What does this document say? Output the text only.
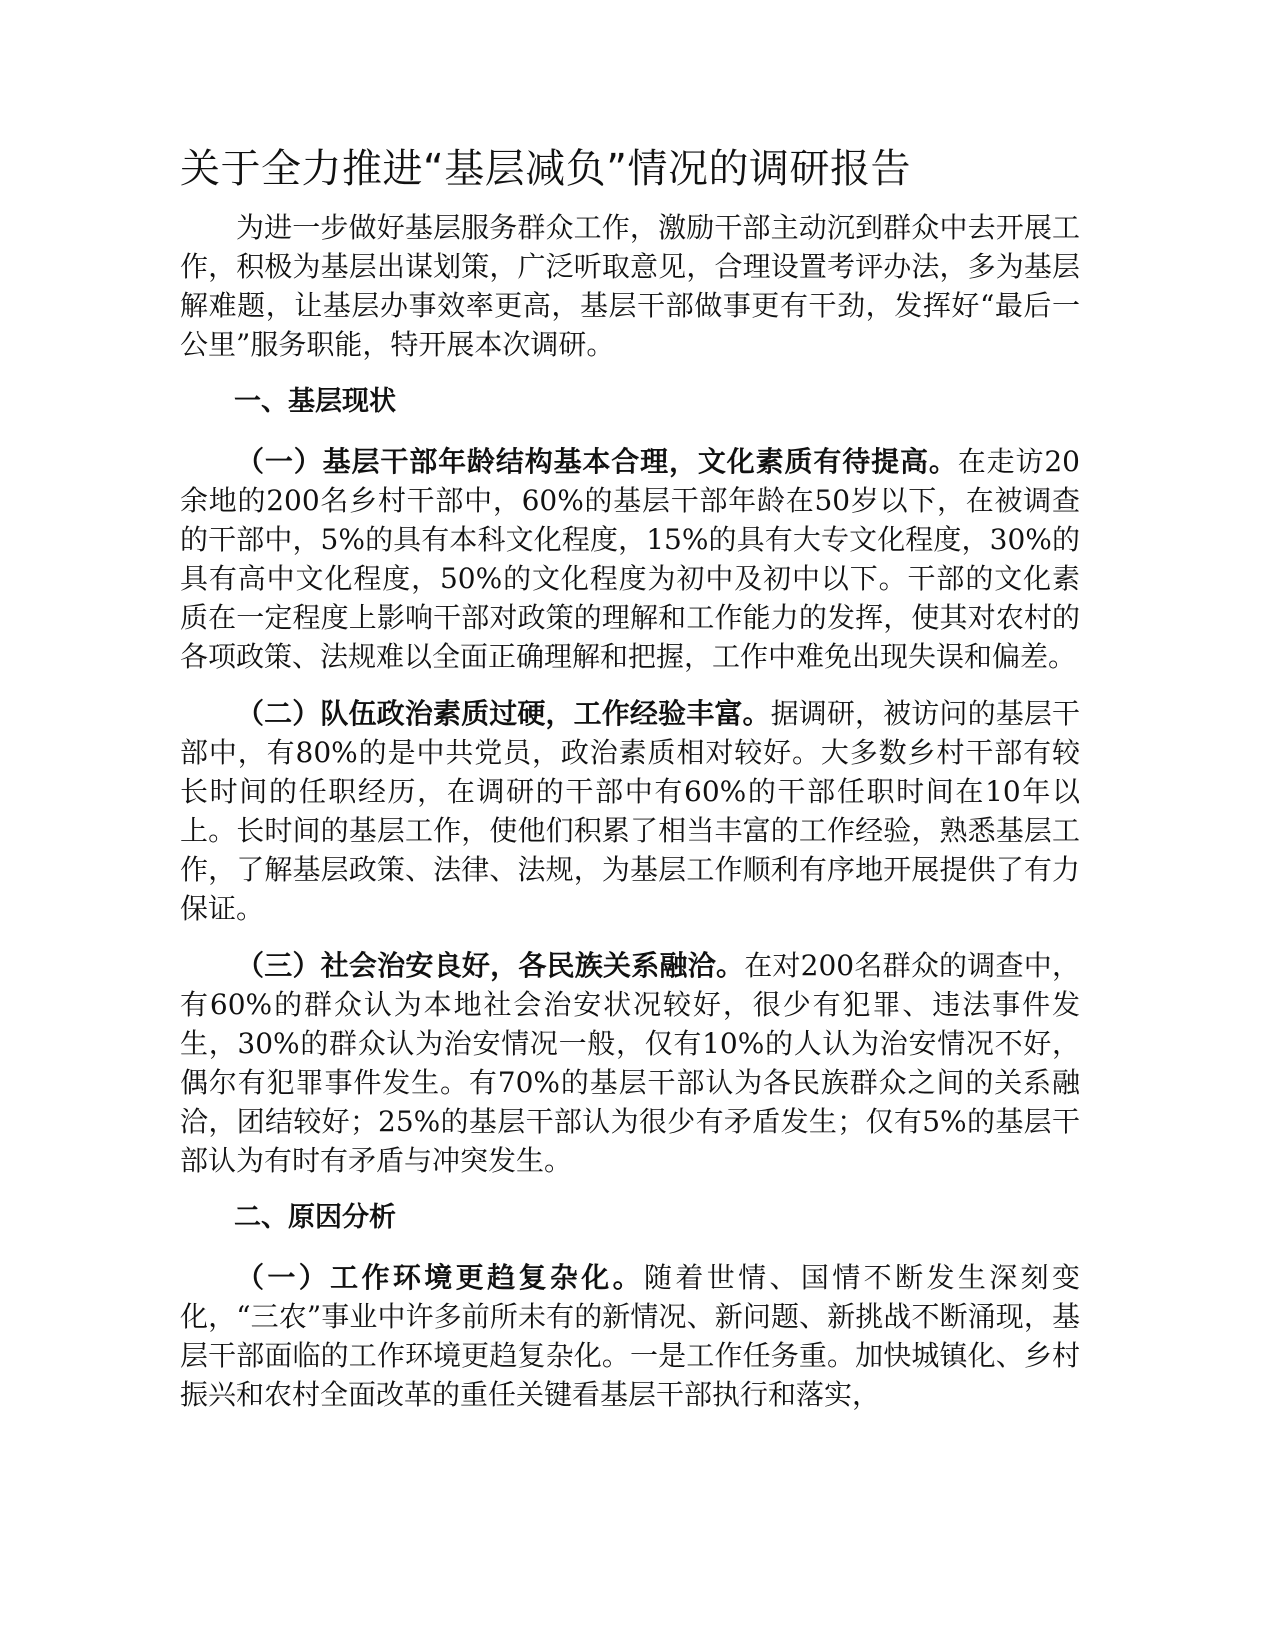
关于全力推进“基层减负”情况的调研报告

为进一步做好基层服务群众工作，激励干部主动沉到群众中去开展工作，积极为基层出谋划策，广泛听取意见，合理设置考评办法，多为基层解难题，让基层办事效率更高，基层干部做事更有干劲，发挥好“最后一公里”服务职能，特开展本次调研。

一、基层现状

（一）基层干部年龄结构基本合理，文化素质有待提高。在走访20余地的200名乡村干部中，60%的基层干部年龄在50岁以下，在被调查的干部中，5%的具有本科文化程度，15%的具有大专文化程度，30%的具有高中文化程度，50%的文化程度为初中及初中以下。干部的文化素质在一定程度上影响干部对政策的理解和工作能力的发挥，使其对农村的各项政策、法规难以全面正确理解和把握，工作中难免出现失误和偏差。

（二）队伍政治素质过硬，工作经验丰富。据调研，被访问的基层干部中，有80%的是中共党员，政治素质相对较好。大多数乡村干部有较长时间的任职经历，在调研的干部中有60%的干部任职时间在10年以上。长时间的基层工作，使他们积累了相当丰富的工作经验，熟悉基层工作，了解基层政策、法律、法规，为基层工作顺利有序地开展提供了有力保证。

（三）社会治安良好，各民族关系融洽。在对200名群众的调查中，有60%的群众认为本地社会治安状况较好，很少有犯罪、违法事件发生，30%的群众认为治安情况一般，仅有10%的人认为治安情况不好，偶尔有犯罪事件发生。有70%的基层干部认为各民族群众之间的关系融洽，团结较好；25%的基层干部认为很少有矛盾发生；仅有5%的基层干部认为有时有矛盾与冲突发生。

二、原因分析

（一）工作环境更趋复杂化。随着世情、国情不断发生深刻变化，“三农”事业中许多前所未有的新情况、新问题、新挑战不断涌现，基层干部面临的工作环境更趋复杂化。一是工作任务重。加快城镇化、乡村振兴和农村全面改革的重任关键看基层干部执行和落实，
